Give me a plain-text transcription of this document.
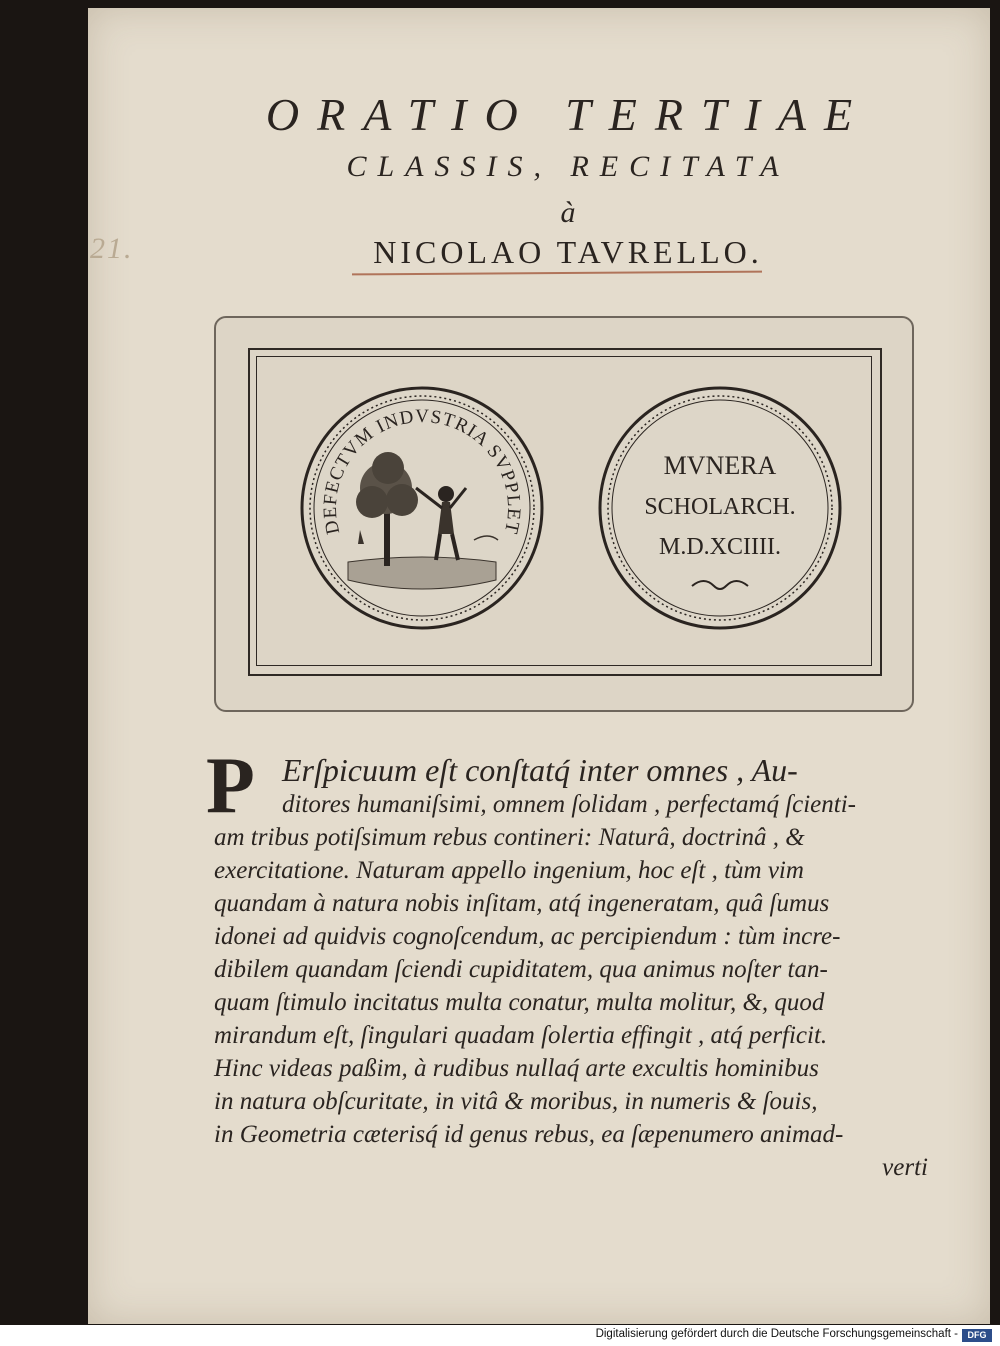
21.
ORATIO TERTIAE
CLASSIS, RECITATA
à
NICOLAO TAVRELLO.
DEFECTVM INDVSTRIA SVPPLET
MVNERA
SCHOLARCH.
M.D.XCIIII.
P Erſpicuum eſt conſtatq́ inter omnes , Au-
ditores humaniſsimi, omnem ſolidam , perfectamq́ ſcienti-
am tribus potiſsimum rebus contineri: Naturâ, doctrinâ , &
exercitatione. Naturam appello ingenium, hoc eſt , tùm vim
quandam à natura nobis inſitam, atq́ ingeneratam, quâ ſumus
idonei ad quidvis cognoſcendum, ac percipiendum : tùm incre-
dibilem quandam ſciendi cupiditatem, qua animus noſter tan-
quam ſtimulo incitatus multa conatur, multa molitur, &, quod
mirandum eſt, ſingulari quadam ſolertia effingit , atq́ perficit.
Hinc videas paßim, à rudibus nullaq́ arte excultis hominibus
in natura obſcuritate, in vitâ & moribus, in numeris & ſouis,
in Geometria cæterisq́ id genus rebus, ea ſæpenumero animad-
verti
Digitalisierung gefördert durch die Deutsche Forschungsgemeinschaft -	DFG
